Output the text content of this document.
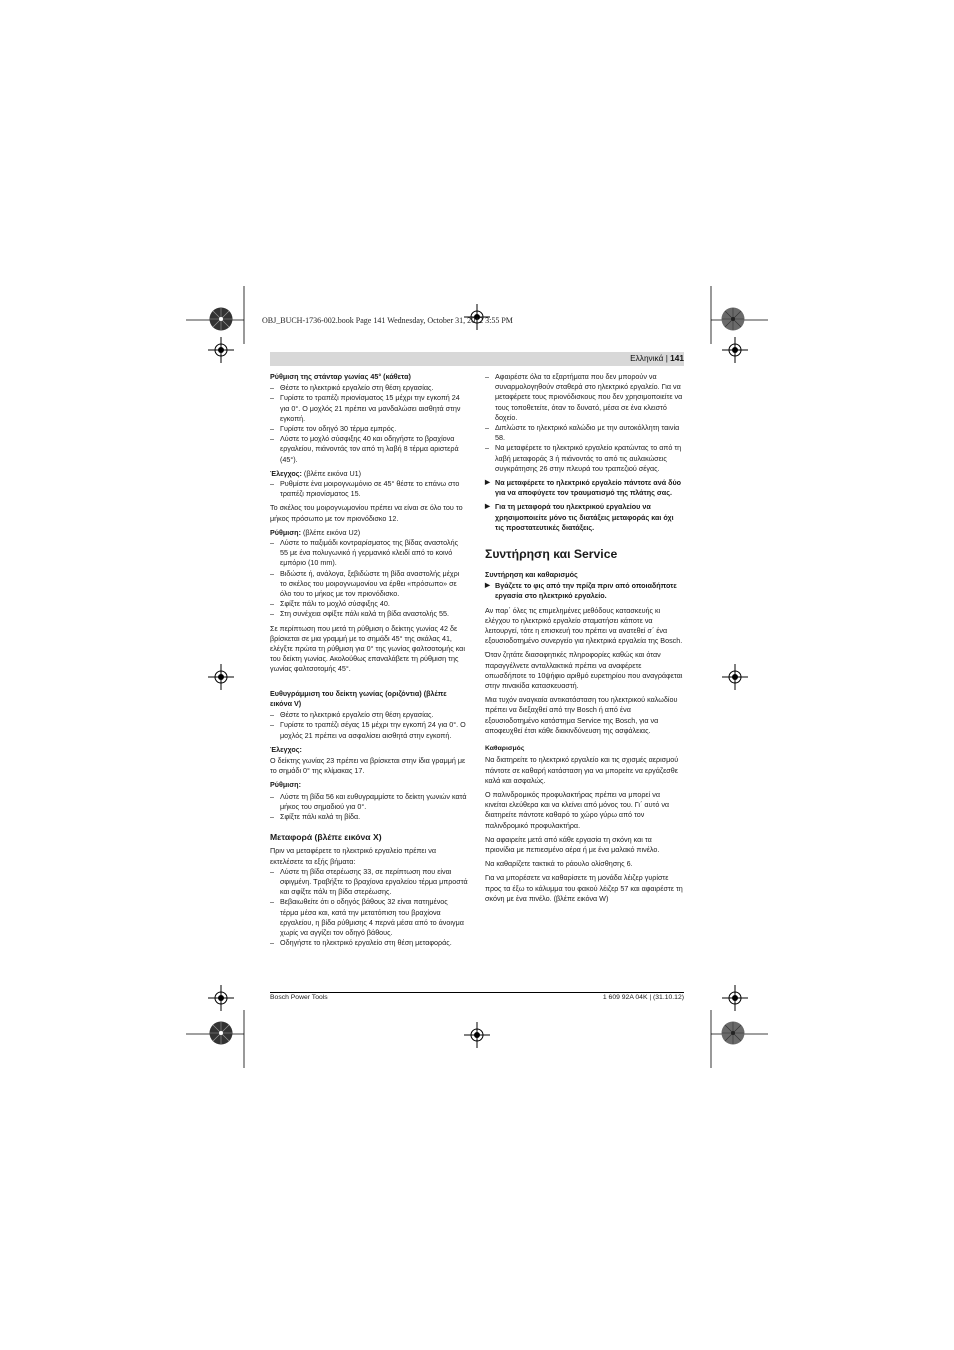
OBJ_BUCH-1736-002.book Page 141 Wednesday, October 31, 2012 3:55 PM
Ελληνικά | 141

Ρύθμιση της στάνταρ γωνίας 45° (κάθετα)

– Θέστε το ηλεκτρικό εργαλείο στη θέση εργασίας.
– Γυρίστε το τραπέζι πριονίσματος 15 μέχρι την εγκοπή 24 για 0°. Ο μοχλός 21 πρέπει να μανδαλώσει αισθητά στην εγκοπή.
– Γυρίστε τον οδηγό 30 τέρμα εμπρός.
– Λύστε το μοχλό σύσφιξης 40 και οδηγήστε το βραχίονα εργαλείου, πιάνοντάς τον από τη λαβή 8 τέρμα αριστερά (45°).

Έλεγχος: (βλέπε εικόνα U1)

– Ρυθμίστε ένα μοιρογνωμόνιο σε 45° θέστε το επάνω στο τραπέζι πριονίσματος 15.

Το σκέλος του μοιρογνωμονίου πρέπει να είναι σε όλο του το μήκος πρόσωπο με τον πριονόδισκο 12.

Ρύθμιση: (βλέπε εικόνα U2)

– Λύστε το παξιμάδι κοντραρίσματος της βίδας αναστολής 55 με ένα πολυγωνικό ή γερμανικό κλειδί από το κοινό εμπόριο (10 mm).
– Βιδώστε ή, ανάλογα, ξεβιδώστε τη βίδα αναστολής μέχρι το σκέλος του μοιρογνωμονίου να έρθει «πρόσωπο» σε όλο του το μήκος με τον πριονόδισκο.
– Σφίξτε πάλι το μοχλό σύσφιξης 40.
– Στη συνέχεια σφίξτε πάλι καλά τη βίδα αναστολής 55.

Σε περίπτωση που μετά τη ρύθμιση ο δείκτης γωνίας 42 δε βρίσκεται σε μια γραμμή με το σημάδι 45° της σκάλας 41, ελέγξτε πρώτα τη ρύθμιση για 0° της γωνίας φαλτσοτομής και του δείκτη γωνίας. Ακολούθως επαναλάβετε τη ρύθμιση της γωνίας φαλτσοτομής 45°.

Ευθυγράμμιση του δείκτη γωνίας (οριζόντια) (βλέπε εικόνα V)

– Θέστε το ηλεκτρικό εργαλείο στη θέση εργασίας.
– Γυρίστε το τραπέζι σέγας 15 μέχρι την εγκοπή 24 για 0°. Ο μοχλός 21 πρέπει να ασφαλίσει αισθητά στην εγκοπή.

Έλεγχος:

Ο δείκτης γωνίας 23 πρέπει να βρίσκεται στην ίδια γραμμή με το σημάδι 0° της κλίμακας 17.

Ρύθμιση:

– Λύστε τη βίδα 56 και ευθυγραμμίστε το δείκτη γωνιών κατά μήκος του σημαδιού για 0°.
– Σφίξτε πάλι καλά τη βίδα.

Μεταφορά (βλέπε εικόνα X)

Πριν να μεταφέρετε το ηλεκτρικό εργαλείο πρέπει να εκτελέσετε τα εξής βήματα:

– Λύστε τη βίδα στερέωσης 33, σε περίπτωση που είναι σφιγμένη. Τραβήξτε το βραχίονα εργαλείου τέρμα μπροστά και σφίξτε πάλι τη βίδα στερέωσης.
– Βεβαιωθείτε ότι ο οδηγός βάθους 32 είναι πατημένος τέρμα μέσα και, κατά την μετατόπιση του βραχίονα εργαλείου, η βίδα ρύθμισης 4 περνά μέσα από το άνοιγμα χωρίς να αγγίζει τον οδηγό βάθους.
– Οδηγήστε το ηλεκτρικό εργαλείο στη θέση μεταφοράς.
– Αφαιρέστε όλα τα εξαρτήματα που δεν μπορούν να συναρμολογηθούν σταθερά στο ηλεκτρικό εργαλείο. Για να μεταφέρετε τους πριονόδισκους που δεν χρησιμοποιείτε να τους τοποθετείτε, όταν το δυνατό, μέσα σε ένα κλειστό δοχείο.
– Διπλώστε το ηλεκτρικό καλώδιο με την αυτοκόλλητη ταινία 58.
– Να μεταφέρετε το ηλεκτρικό εργαλείο κρατώντας το από τη λαβή μεταφοράς 3 ή πιάνοντάς το από τις αυλακώσεις συγκράτησης 26 στην πλευρά του τραπεζιού σέγας.
▶ Να μεταφέρετε το ηλεκτρικό εργαλείο πάντοτε ανά δύο για να αποφύγετε τον τραυματισμό της πλάτης σας.
▶ Για τη μεταφορά του ηλεκτρικού εργαλείου να χρησιμοποιείτε μόνο τις διατάξεις μεταφοράς και όχι τις προστατευτικές διατάξεις.

Συντήρηση και Service

Συντήρηση και καθαρισμός

▶ Βγάζετε το φις από την πρίζα πριν από οποιαδήποτε εργασία στο ηλεκτρικό εργαλείο.

Αν παρ΄ όλες τις επιμελημένες μεθόδους κατασκευής κι ελέγχου το ηλεκτρικό εργαλείο σταματήσει κάποτε να λειτουργεί, τότε η επισκευή του πρέπει να ανατεθεί σ΄ ένα εξουσιοδοτημένο συνεργείο για ηλεκτρικά εργαλεία της Bosch.

Όταν ζητάτε διασαφητικές πληροφορίες καθώς και όταν παραγγέλνετε ανταλλακτικά πρέπει να αναφέρετε οπωσδήποτε το 10ψήφιο αριθμό ευρετηρίου που αναγράφεται στην πινακίδα κατασκευαστή.

Μια τυχόν αναγκαία αντικατάσταση του ηλεκτρικού καλωδίου πρέπει να διεξαχθεί από την Bosch ή από ένα εξουσιοδοτημένο κατάστημα Service της Bosch, για να αποφευχθεί έτσι κάθε διακινδύνευση της ασφάλειας.

Καθαρισμός

Να διατηρείτε το ηλεκτρικό εργαλείο και τις σχισμές αερισμού πάντοτε σε καθαρή κατάσταση για να μπορείτε να εργάζεσθε καλά και ασφαλώς.

Ο παλινδρομικός προφυλακτήρας πρέπει να μπορεί να κινείται ελεύθερα και να κλείνει από μόνος του. Γι΄ αυτό να διατηρείτε πάντοτε καθαρό το χώρο γύρω από τον παλινδρομικό προφυλακτήρα.

Να αφαιρείτε μετά από κάθε εργασία τη σκόνη και τα πριονίδια με πεπιεσμένο αέρα ή με ένα μαλακό πινέλο.

Να καθαρίζετε τακτικά το ράουλο ολίσθησης 6.

Για να μπορέσετε να καθαρίσετε τη μονάδα λέιζερ γυρίστε προς τα έξω το κάλυμμα του φακού λέιζερ 57 και αφαιρέστε τη σκόνη με ένα πινέλο. (βλέπε εικόνα W)

Bosch Power Tools	1 609 92A 04K | (31.10.12)
